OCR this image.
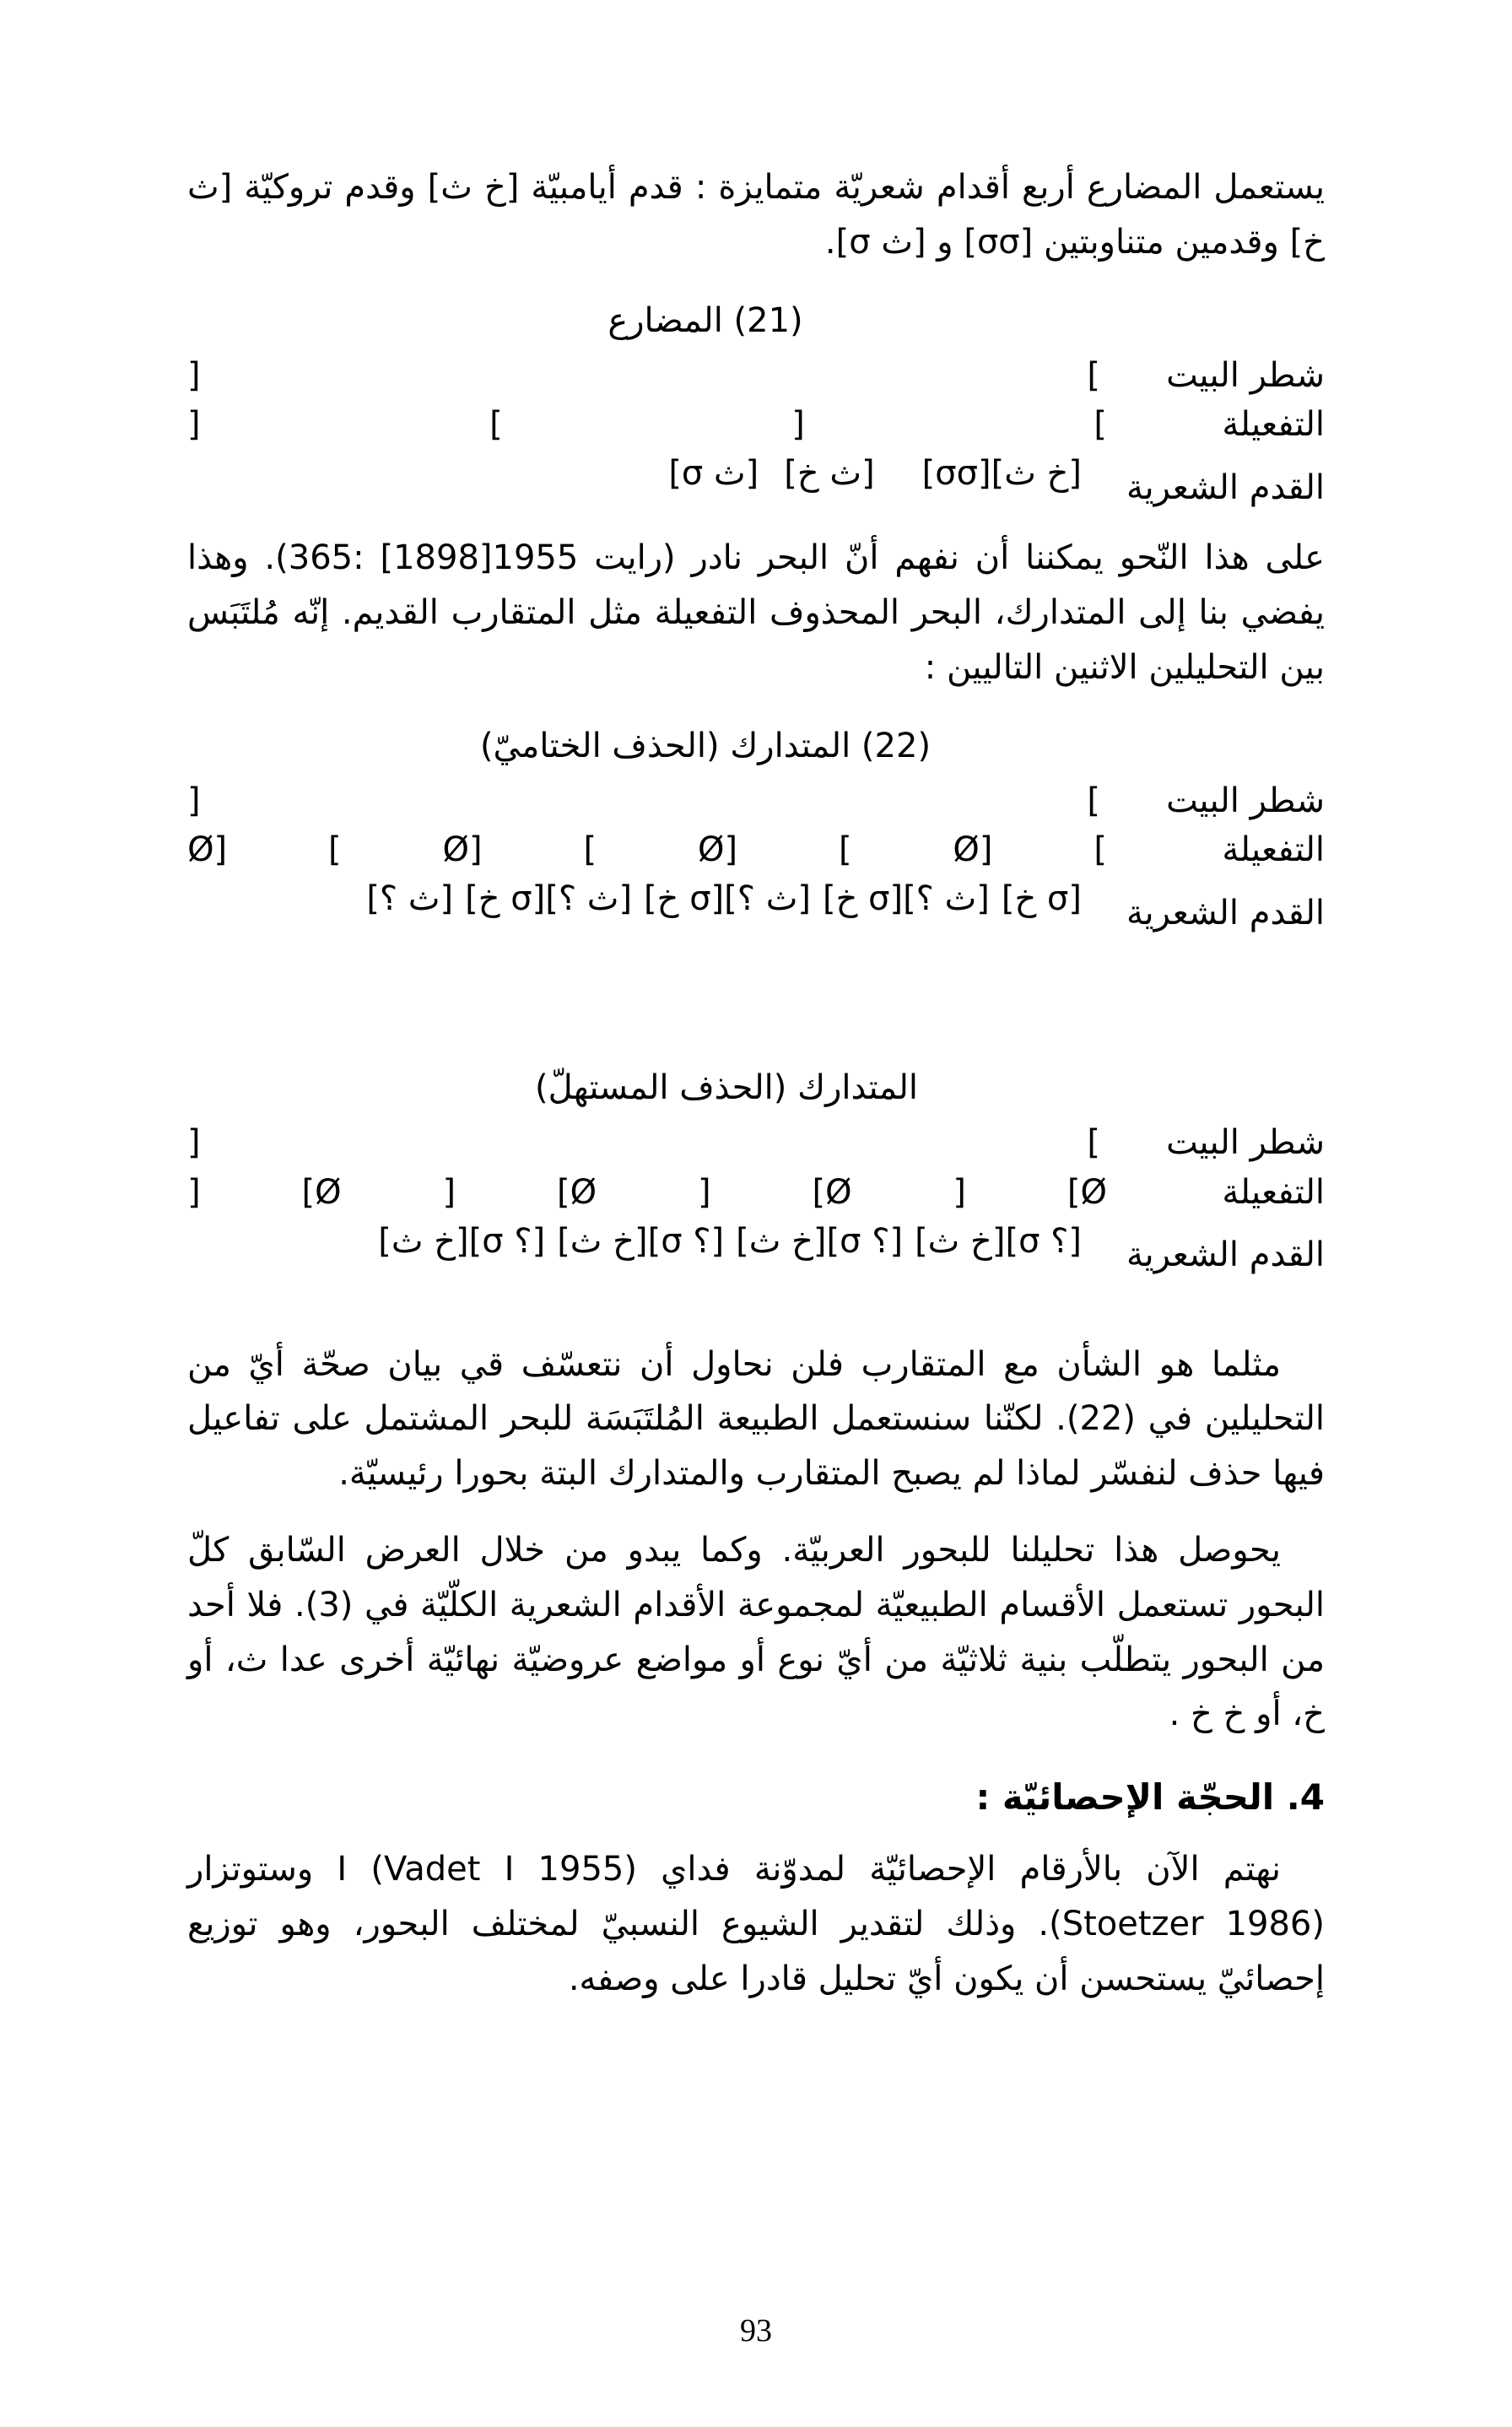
يستعمل المضارع أربع أقدام شعريّة متمايزة : قدم أيامبيّة [خ ث] وقدم تروكيّة [ث خ] وقدمين متناوبتين [σσ] و [ث σ].

(21) المضارع
شطر البيت
]
[
التفعيلة
]
[
]
[
القدم الشعرية
[خ ث]
[σσ]
[ث خ]
[ث σ]

على هذا النّحو يمكننا أن نفهم أنّ البحر نادر (رايت 1955[1898] :365). وهذا يفضي بنا إلى المتدارك، البحر المحذوف التفعيلة مثل المتقارب القديم. إنّه مُلتَبَس بين التحليلين الاثنين التاليين :

(22) المتدارك (الحذف الختاميّ)
شطر البيت
]
[
التفعيلة
]
[Ø
]
[Ø
]
[Ø
]
[Ø
القدم الشعرية
[σ خ]
[ث ؟]
[σ خ]
[ث ؟]
[σ خ]
[ث ؟]
[σ خ]
[ث ؟]
المتدارك (الحذف المستهلّ)
شطر البيت
]
[
التفعيلة
Ø]
[
Ø]
[
Ø]
[
Ø]
[
القدم الشعرية
[؟ σ]
[خ ث]
[؟ σ]
[خ ث]
[؟ σ]
[خ ث]
[؟ σ]
[خ ث]

مثلما هو الشأن مع المتقارب فلن نحاول أن نتعسّف قي بيان صحّة أيّ من التحليلين في (22). لكنّنا سنستعمل الطبيعة المُلتَبَسَة للبحر المشتمل على تفاعيل فيها حذف لنفسّر لماذا لم يصبح المتقارب والمتدارك البتة بحورا رئيسيّة.

يحوصل هذا تحليلنا للبحور العربيّة. وكما يبدو من خلال العرض السّابق كلّ البحور تستعمل الأقسام الطبيعيّة لمجموعة الأقدام الشعرية الكلّيّة في (3). فلا أحد من البحور يتطلّب بنية ثلاثيّة من أيّ نوع أو مواضع عروضيّة نهائيّة أخرى عدا ث، أو خ، أو خ خ .

4. الحجّة الإحصائيّة :

نهتم الآن بالأرقام الإحصائيّة لمدوّنة فداي I (Vadet I 1955) وستوتزار (Stoetzer 1986). وذلك لتقدير الشيوع النسبيّ لمختلف البحور، وهو توزيع إحصائيّ يستحسن أن يكون أيّ تحليل قادرا على وصفه.

93
